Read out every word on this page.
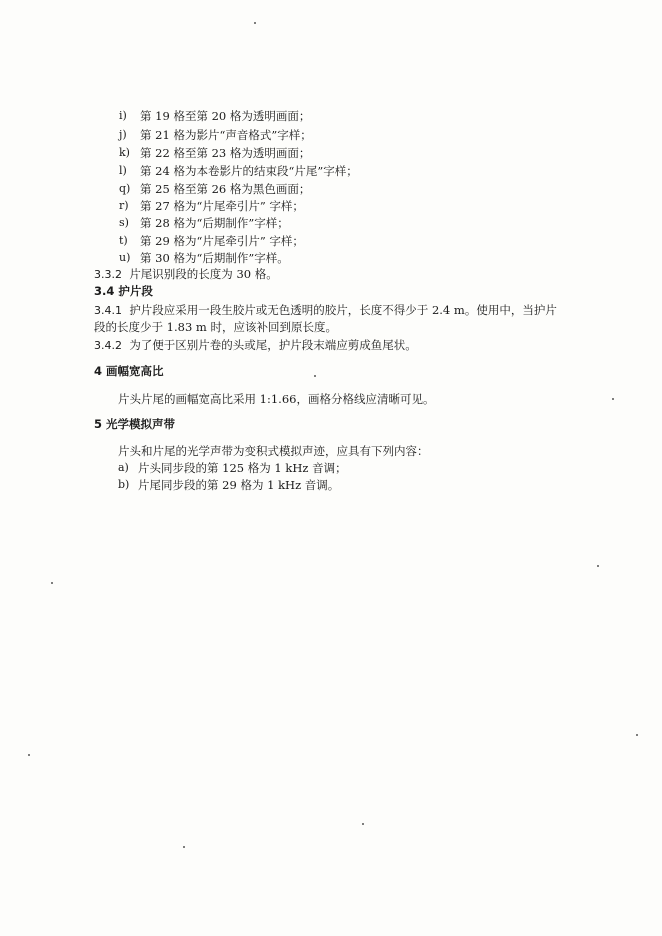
i)	第 19 格至第 20 格为透明画面；
j)	第 21 格为影片“声音格式”字样；
k) 第 22 格至第 23 格为透明画面；
l)	第 24 格为本卷影片的结束段“片尾”字样；
q) 第 25 格至第 26 格为黑色画面；
r) 第 27 格为“片尾牵引片” 字样；
s) 第 28 格为“后期制作”字样；
t)	第 29 格为“片尾牵引片” 字样；
u) 第 30 格为“后期制作”字样。
3.3.2 片尾识别段的长度为 30 格。
3.4 护片段
3.4.1 护片段应采用一段生胶片或无色透明的胶片，长度不得少于 2.4 m。使用中，当护片
段的长度少于 1.83 m 时，应该补回到原长度。
3.4.2 为了便于区别片卷的头或尾，护片段末端应剪成鱼尾状。
4 画幅宽高比
片头片尾的画幅宽高比采用 1:1.66，画格分格线应清晰可见。
5 光学模拟声带
片头和片尾的光学声带为变积式模拟声迹，应具有下列内容：
a) 片头同步段的第 125 格为 1 kHz 音调；
b) 片尾同步段的第 29 格为 1 kHz 音调。
